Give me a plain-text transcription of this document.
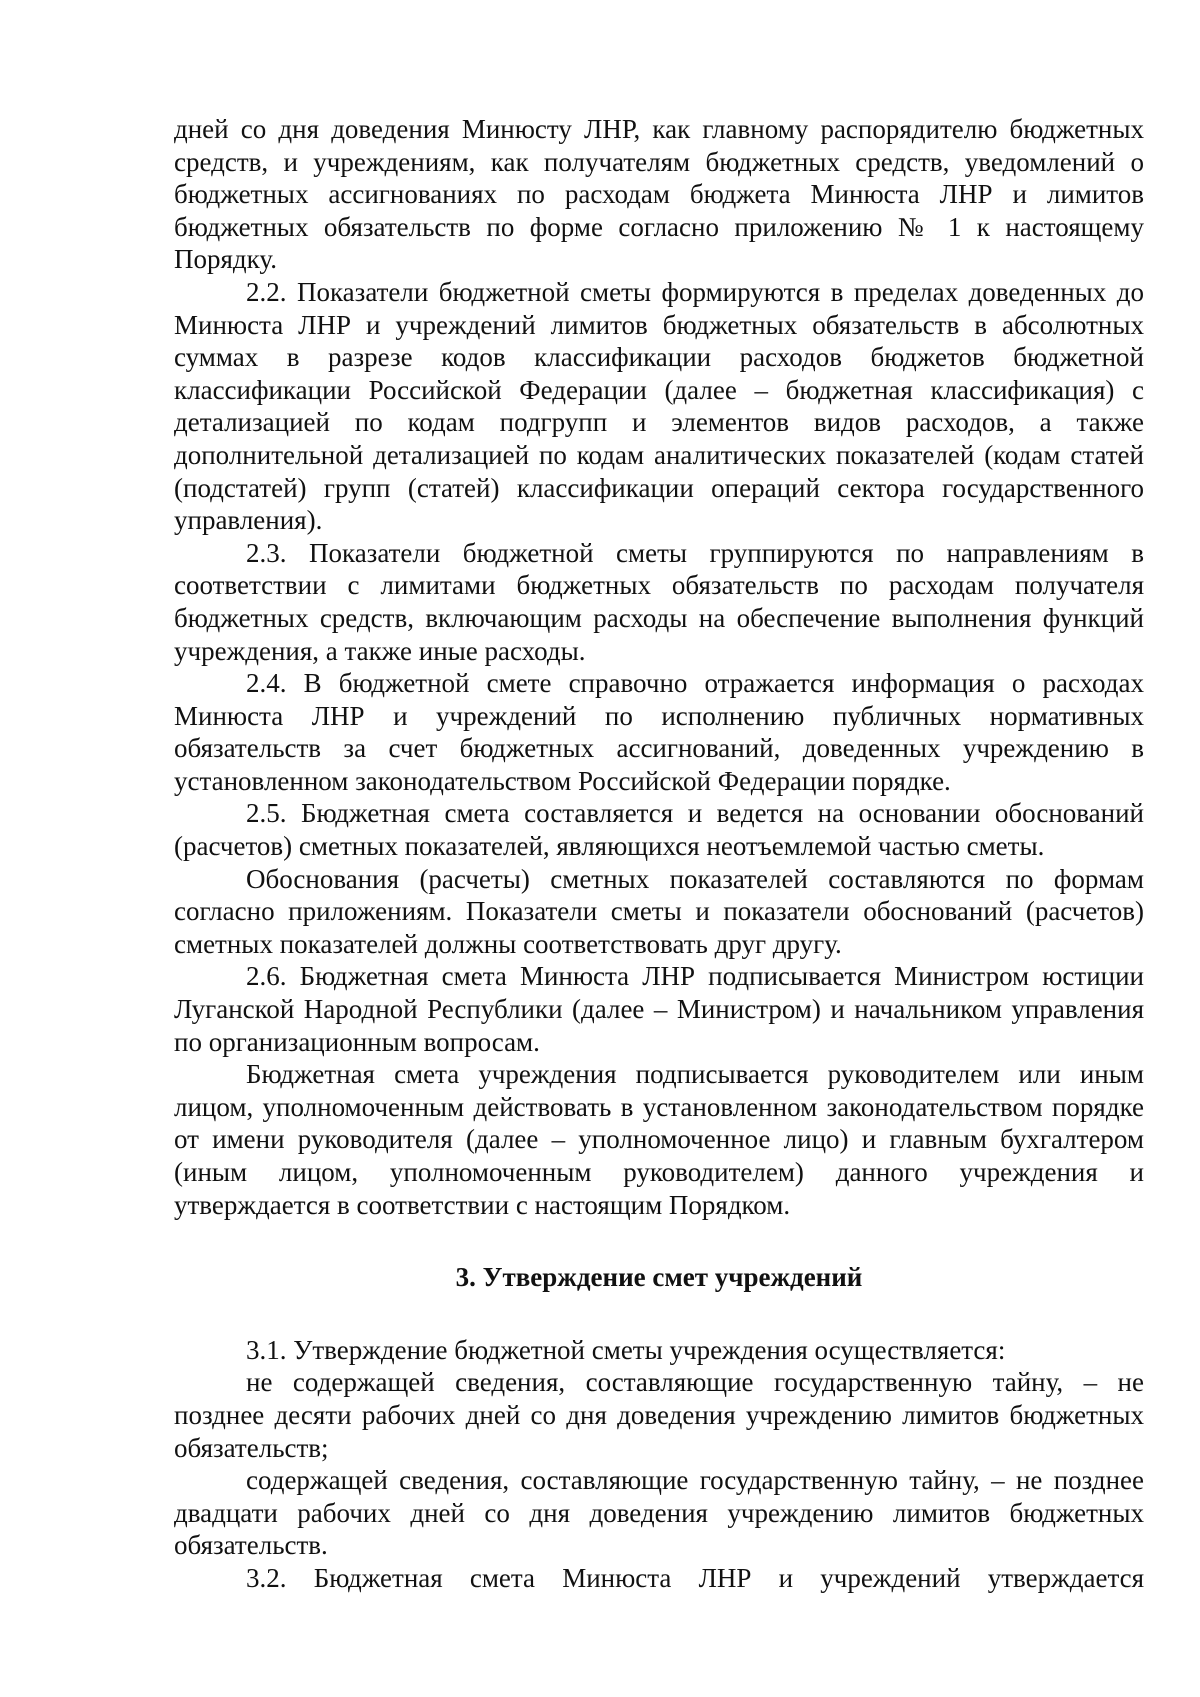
дней со дня доведения Минюсту ЛНР, как главному распорядителю бюджетных средств, и учреждениям, как получателям бюджетных средств, уведомлений о бюджетных ассигнованиях по расходам бюджета Минюста ЛНР и лимитов бюджетных обязательств по форме согласно приложению № 1 к настоящему Порядку.

2.2. Показатели бюджетной сметы формируются в пределах доведенных до Минюста ЛНР и учреждений лимитов бюджетных обязательств в абсолютных суммах в разрезе кодов классификации расходов бюджетов бюджетной классификации Российской Федерации (далее – бюджетная классификация) с детализацией по кодам подгрупп и элементов видов расходов, а также дополнительной детализацией по кодам аналитических показателей (кодам статей (подстатей) групп (статей) классификации операций сектора государственного управления).

2.3. Показатели бюджетной сметы группируются по направлениям в соответствии с лимитами бюджетных обязательств по расходам получателя бюджетных средств, включающим расходы на обеспечение выполнения функций учреждения, а также иные расходы.

2.4. В бюджетной смете справочно отражается информация о расходах Минюста ЛНР и учреждений по исполнению публичных нормативных обязательств за счет бюджетных ассигнований, доведенных учреждению в установленном законодательством Российской Федерации порядке.

2.5. Бюджетная смета составляется и ведется на основании обоснований (расчетов) сметных показателей, являющихся неотъемлемой частью сметы.

Обоснования (расчеты) сметных показателей составляются по формам согласно приложениям. Показатели сметы и показатели обоснований (расчетов) сметных показателей должны соответствовать друг другу.

2.6. Бюджетная смета Минюста ЛНР подписывается Министром юстиции Луганской Народной Республики (далее – Министром) и начальником управления по организационным вопросам.

Бюджетная смета учреждения подписывается руководителем или иным лицом, уполномоченным действовать в установленном законодательством порядке от имени руководителя (далее – уполномоченное лицо) и главным бухгалтером (иным лицом, уполномоченным руководителем) данного учреждения и утверждается в соответствии с настоящим Порядком.

3. Утверждение смет учреждений

3.1. Утверждение бюджетной сметы учреждения осуществляется:

не содержащей сведения, составляющие государственную тайну, – не позднее десяти рабочих дней со дня доведения учреждению лимитов бюджетных обязательств;

содержащей сведения, составляющие государственную тайну, – не позднее двадцати рабочих дней со дня доведения учреждению лимитов бюджетных обязательств.

3.2. Бюджетная смета Минюста ЛНР и учреждений утверждается
